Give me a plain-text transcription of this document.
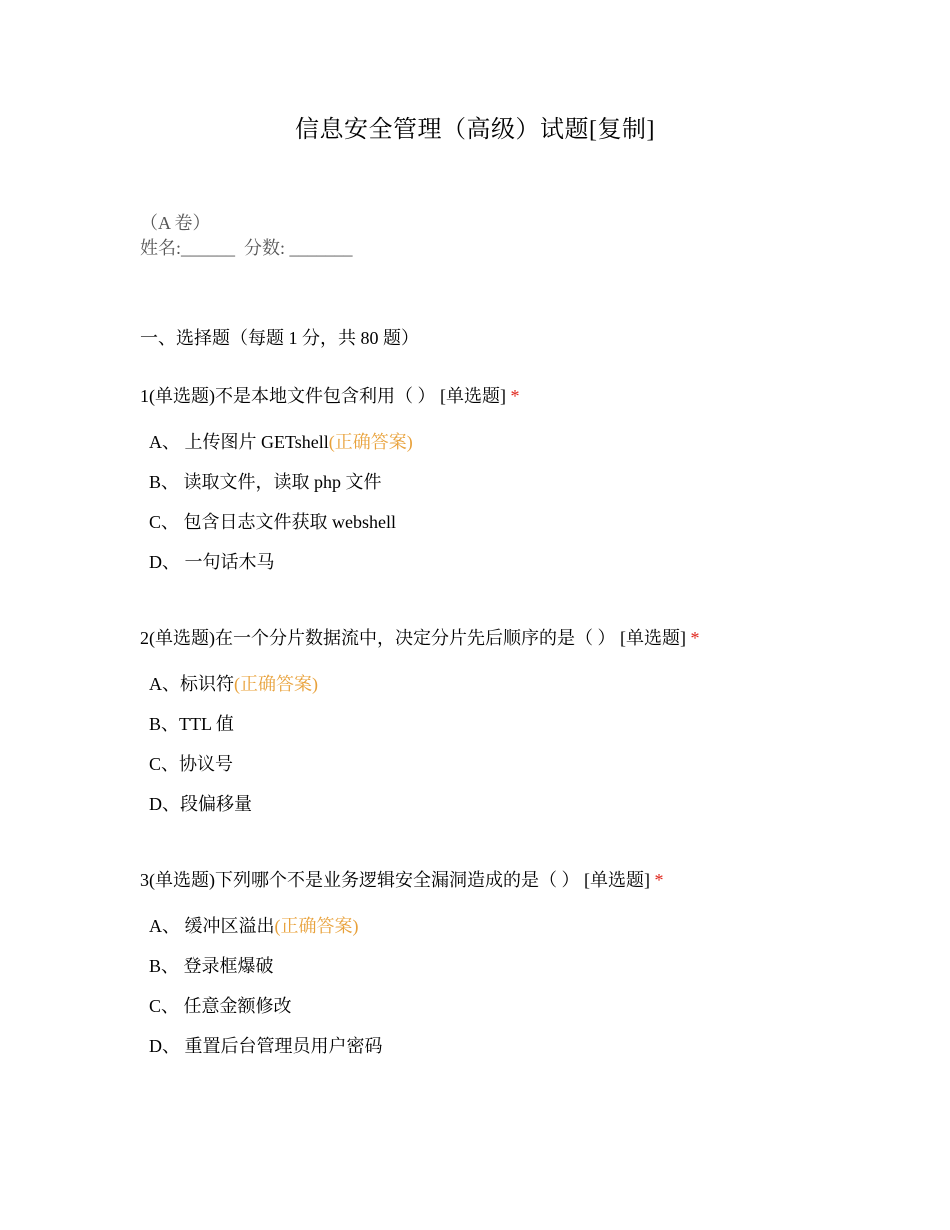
信息安全管理（高级）试题[复制]
（A 卷）
姓名:______  分数: _______
一、选择题（每题 1 分，共 80 题）
1(单选题)不是本地文件包含利用（ ） [单选题] *
A、 上传图片 GETshell(正确答案)
B、 读取文件，读取 php 文件
C、 包含日志文件获取 webshell
D、 一句话木马
2(单选题)在一个分片数据流中，决定分片先后顺序的是（ ） [单选题] *
A、标识符(正确答案)
B、TTL 值
C、协议号
D、段偏移量
3(单选题)下列哪个不是业务逻辑安全漏洞造成的是（ ） [单选题] *
A、 缓冲区溢出(正确答案)
B、 登录框爆破
C、 任意金额修改
D、 重置后台管理员用户密码
